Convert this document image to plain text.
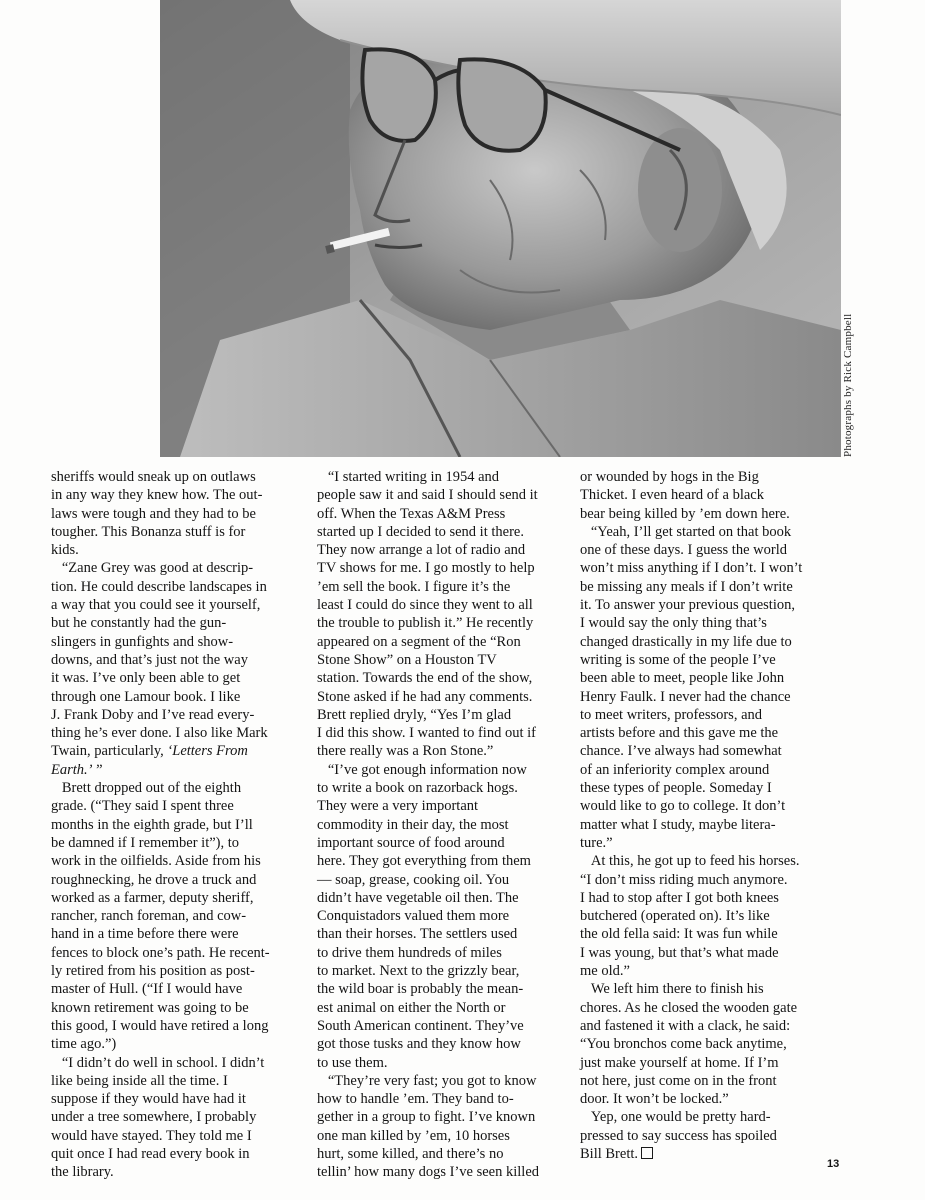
Photographs by Rick Campbell
sheriffs would sneak up on outlaws
in any way they knew how. The out-
laws were tough and they had to be
tougher. This Bonanza stuff is for
kids.
“Zane Grey was good at descrip-
tion. He could describe landscapes in
a way that you could see it yourself,
but he constantly had the gun-
slingers in gunfights and show-
downs, and that’s just not the way
it was. I’ve only been able to get
through one Lamour book. I like
J. Frank Doby and I’ve read every-
thing he’s ever done. I also like Mark
Twain, particularly, ‘Letters From
Earth.’ ”
Brett dropped out of the eighth
grade. (“They said I spent three
months in the eighth grade, but I’ll
be damned if I remember it”), to
work in the oilfields. Aside from his
roughnecking, he drove a truck and
worked as a farmer, deputy sheriff,
rancher, ranch foreman, and cow-
hand in a time before there were
fences to block one’s path. He recent-
ly retired from his position as post-
master of Hull. (“If I would have
known retirement was going to be
this good, I would have retired a long
time ago.”)
“I didn’t do well in school. I didn’t
like being inside all the time. I
suppose if they would have had it
under a tree somewhere, I probably
would have stayed. They told me I
quit once I had read every book in
the library.
“I started writing in 1954 and
people saw it and said I should send it
off. When the Texas A&M Press
started up I decided to send it there.
They now arrange a lot of radio and
TV shows for me. I go mostly to help
’em sell the book. I figure it’s the
least I could do since they went to all
the trouble to publish it.” He recently
appeared on a segment of the “Ron
Stone Show” on a Houston TV
station. Towards the end of the show,
Stone asked if he had any comments.
Brett replied dryly, “Yes I’m glad
I did this show. I wanted to find out if
there really was a Ron Stone.”
“I’ve got enough information now
to write a book on razorback hogs.
They were a very important
commodity in their day, the most
important source of food around
here. They got everything from them
— soap, grease, cooking oil. You
didn’t have vegetable oil then. The
Conquistadors valued them more
than their horses. The settlers used
to drive them hundreds of miles
to market. Next to the grizzly bear,
the wild boar is probably the mean-
est animal on either the North or
South American continent. They’ve
got those tusks and they know how
to use them.
“They’re very fast; you got to know
how to handle ’em. They band to-
gether in a group to fight. I’ve known
one man killed by ’em, 10 horses
hurt, some killed, and there’s no
tellin’ how many dogs I’ve seen killed
or wounded by hogs in the Big
Thicket. I even heard of a black
bear being killed by ’em down here.
“Yeah, I’ll get started on that book
one of these days. I guess the world
won’t miss anything if I don’t. I won’t
be missing any meals if I don’t write
it. To answer your previous question,
I would say the only thing that’s
changed drastically in my life due to
writing is some of the people I’ve
been able to meet, people like John
Henry Faulk. I never had the chance
to meet writers, professors, and
artists before and this gave me the
chance. I’ve always had somewhat
of an inferiority complex around
these types of people. Someday I
would like to go to college. It don’t
matter what I study, maybe litera-
ture.”
At this, he got up to feed his horses.
“I don’t miss riding much anymore.
I had to stop after I got both knees
butchered (operated on). It’s like
the old fella said: It was fun while
I was young, but that’s what made
me old.”
We left him there to finish his
chores. As he closed the wooden gate
and fastened it with a clack, he said:
“You bronchos come back anytime,
just make yourself at home. If I’m
not here, just come on in the front
door. It won’t be locked.”
Yep, one would be pretty hard-
pressed to say success has spoiled
Bill Brett.
13
